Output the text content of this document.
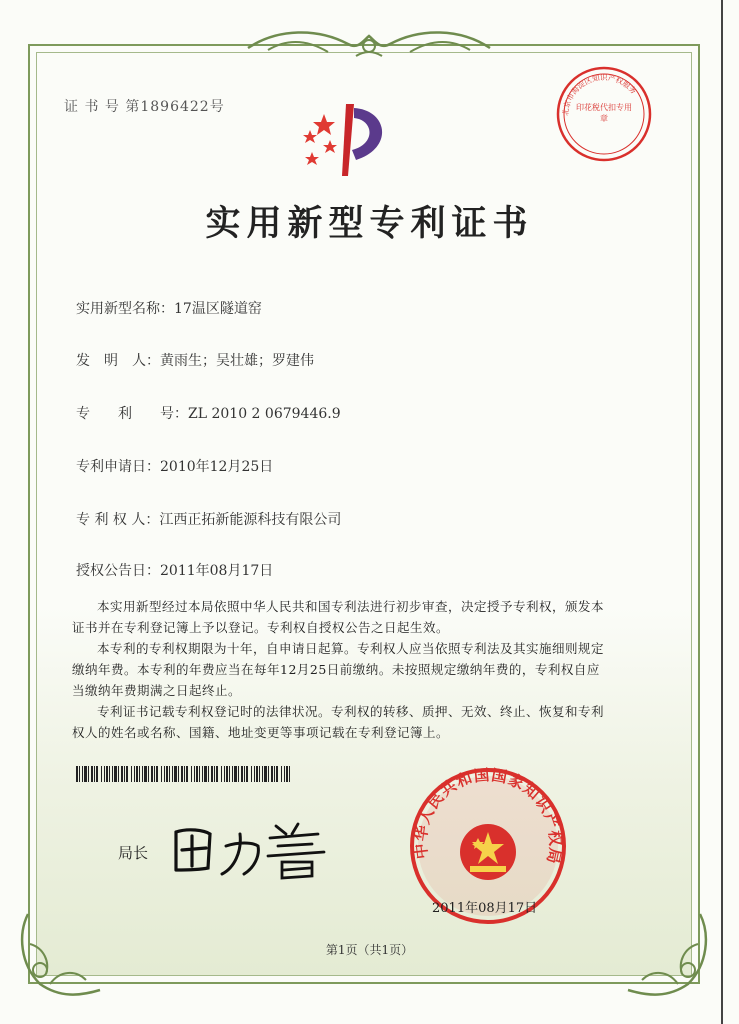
证 书 号 第1896422号	北京市海淀区知识产权服务
印花税代扣专用章
实用新型专利证书
实用新型名称：17温区隧道窑
发　明　人：黄雨生；吴壮雄；罗建伟
专　　利　　号：ZL 2010 2 0679446.9
专利申请日：2010年12月25日
专 利 权 人：江西正拓新能源科技有限公司
授权公告日：2011年08月17日

本实用新型经过本局依照中华人民共和国专利法进行初步审查，决定授予专利权，颁发本证书并在专利登记簿上予以登记。专利权自授权公告之日起生效。

本专利的专利权期限为十年，自申请日起算。专利权人应当依照专利法及其实施细则规定缴纳年费。本专利的年费应当在每年12月25日前缴纳。未按照规定缴纳年费的，专利权自应当缴纳年费期满之日起终止。

专利证书记载专利权登记时的法律状况。专利权的转移、质押、无效、终止、恢复和专利权人的姓名或名称、国籍、地址变更等事项记载在专利登记簿上。

局长	中华人民共和国国家知识产权局
2011年08月17日
第1页（共1页）
